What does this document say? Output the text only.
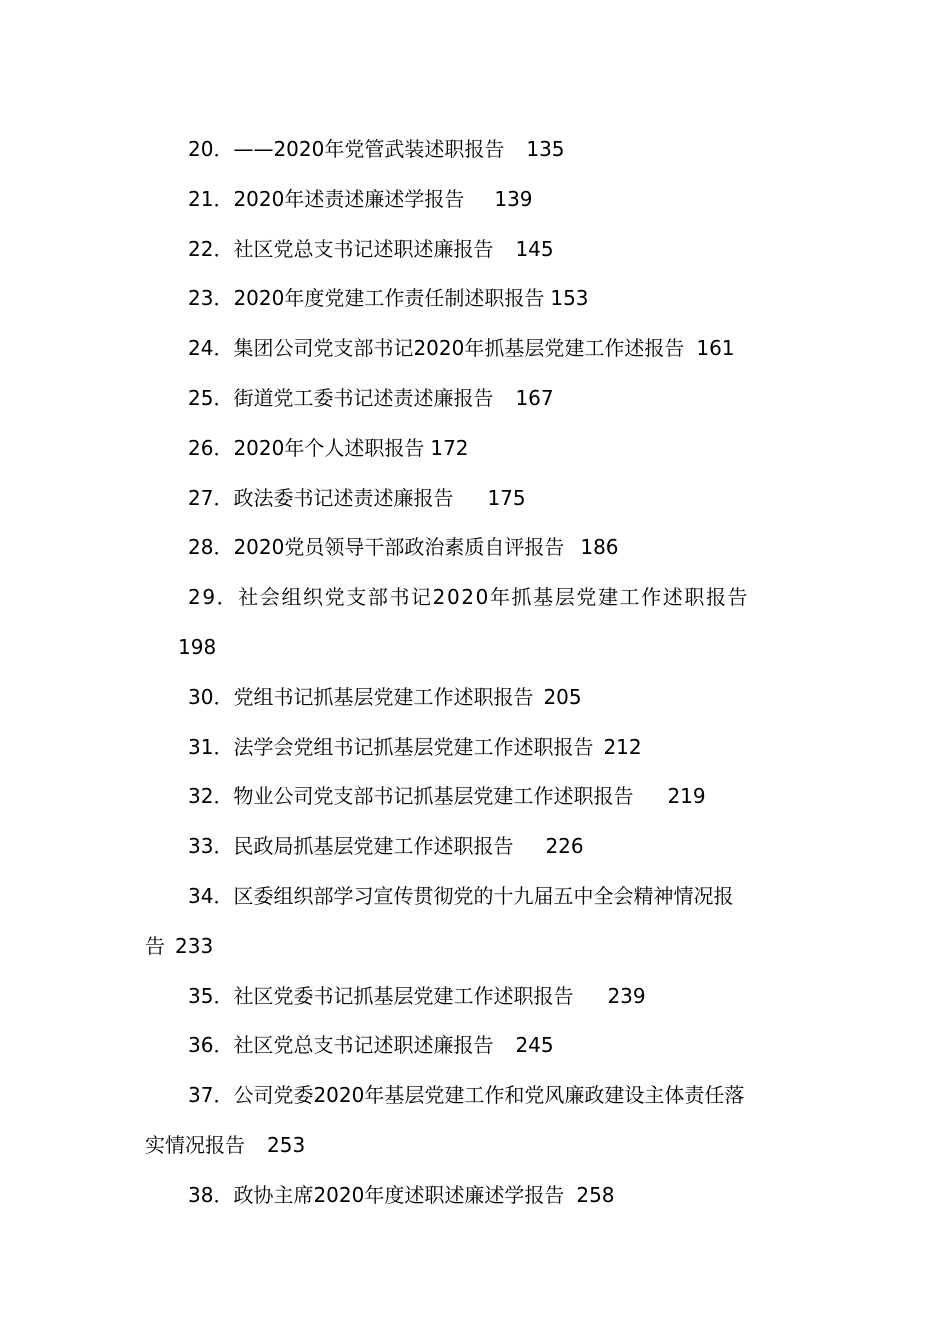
20．——2020年党管武装述职报告 135
21．2020年述责述廉述学报告 139
22．社区党总支书记述职述廉报告 145
23．2020年度党建工作责任制述职报告 153
24．集团公司党支部书记2020年抓基层党建工作述报告 161
25．街道党工委书记述责述廉报告 167
26．2020年个人述职报告 172
27．政法委书记述责述廉报告 175
28．2020党员领导干部政治素质自评报告 186
29．社会组织党支部书记2020年抓基层党建工作述职报告
198
30．党组书记抓基层党建工作述职报告 205
31．法学会党组书记抓基层党建工作述职报告 212
32．物业公司党支部书记抓基层党建工作述职报告 219
33．民政局抓基层党建工作述职报告 226
34．区委组织部学习宣传贯彻党的十九届五中全会精神情况报
告 233
35．社区党委书记抓基层党建工作述职报告 239
36．社区党总支书记述职述廉报告 245
37．公司党委2020年基层党建工作和党风廉政建设主体责任落
实情况报告 253
38．政协主席2020年度述职述廉述学报告 258
